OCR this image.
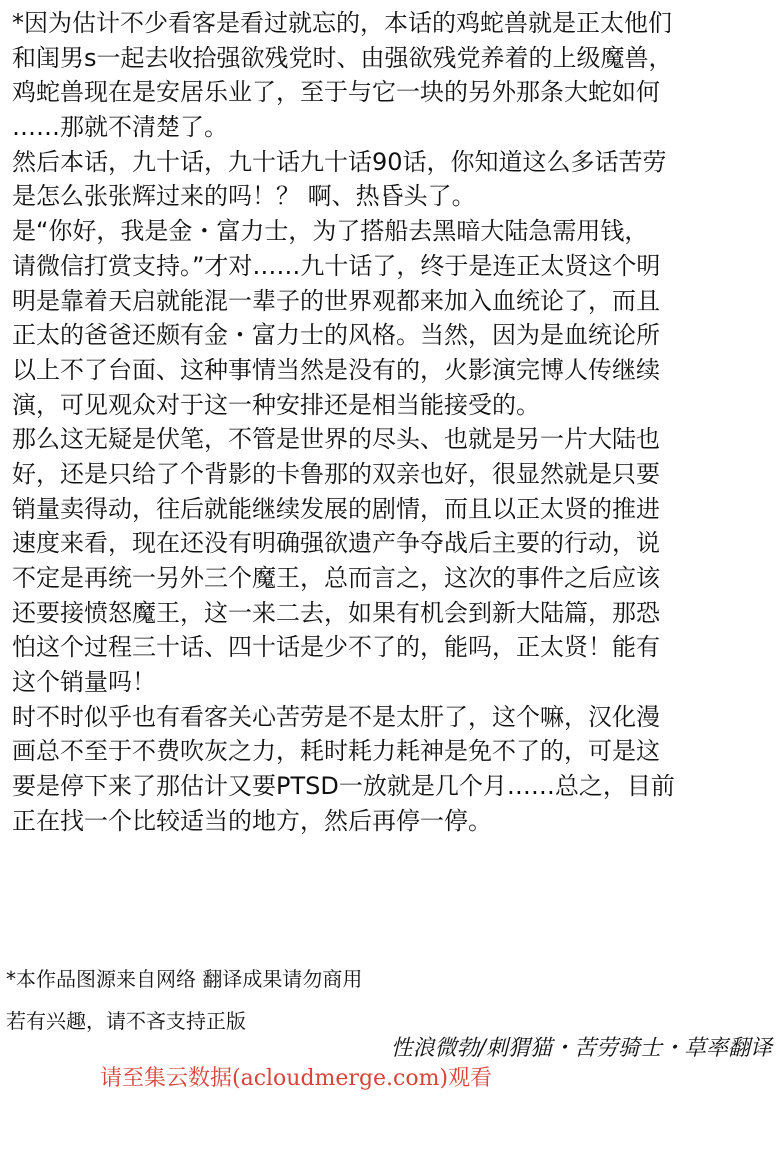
*因为估计不少看客是看过就忘的，本话的鸡蛇兽就是正太他们
和闺男s一起去收拾强欲残党时、由强欲残党养着的上级魔兽，
鸡蛇兽现在是安居乐业了，至于与它一块的另外那条大蛇如何
……那就不清楚了。
然后本话，九十话，九十话九十话90话，你知道这么多话苦劳
是怎么张张辉过来的吗！？ 啊、热昏头了。
是“你好，我是金・富力士，为了搭船去黑暗大陆急需用钱，
请微信打赏支持。”才对……九十话了，终于是连正太贤这个明
明是靠着天启就能混一辈子的世界观都来加入血统论了，而且
正太的爸爸还颇有金・富力士的风格。当然，因为是血统论所
以上不了台面、这种事情当然是没有的，火影演完博人传继续
演，可见观众对于这一种安排还是相当能接受的。
那么这无疑是伏笔，不管是世界的尽头、也就是另一片大陆也
好，还是只给了个背影的卡鲁那的双亲也好，很显然就是只要
销量卖得动，往后就能继续发展的剧情，而且以正太贤的推进
速度来看，现在还没有明确强欲遗产争夺战后主要的行动，说
不定是再统一另外三个魔王，总而言之，这次的事件之后应该
还要接愤怒魔王，这一来二去，如果有机会到新大陆篇，那恐
怕这个过程三十话、四十话是少不了的，能吗，正太贤！能有
这个销量吗！
时不时似乎也有看客关心苦劳是不是太肝了，这个嘛，汉化漫
画总不至于不费吹灰之力，耗时耗力耗神是免不了的，可是这
要是停下来了那估计又要PTSD一放就是几个月……总之，目前
正在找一个比较适当的地方，然后再停一停。
*本作品图源来自网络 翻译成果请勿商用
若有兴趣，请不吝支持正版
性浪微勃/刺猬猫・苦劳骑士・草率翻译
请至集云数据(acloudmerge.com)观看
